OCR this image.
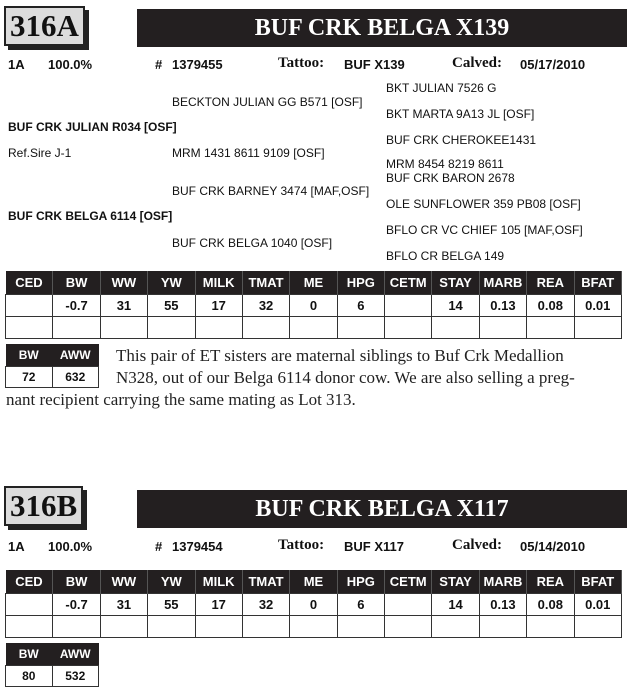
316A	BUF CRK BELGA X139
1A 100.0%	# 1379455	Tattoo: BUF X139	Calved: 05/17/2010
BKT JULIAN 7526 G
BECKTON JULIAN GG B571 [OSF]
BKT MARTA 9A13 JL [OSF]
BUF CRK JULIAN R034 [OSF]
BUF CRK CHEROKEE1431
Ref.Sire J-1	MRM 1431 8611 9109 [OSF]
MRM 8454 8219 8611
BUF CRK BARON 2678
BUF CRK BARNEY 3474 [MAF,OSF]
OLE SUNFLOWER 359 PB08 [OSF]
BUF CRK BELGA 6114 [OSF]
BFLO CR VC CHIEF 105 [MAF,OSF]
BUF CRK BELGA 1040 [OSF]
BFLO CR BELGA 149
CED	BW	WW	YW	MILK	TMAT	ME	HPG	CETM	STAY	MARB	REA	BFAT
	-0.7	31	55	17	32	0	6		14	0.13	0.08	0.01

BW	AWW
72	632
This pair of ET sisters are maternal siblings to Buf Crk Medallion
N328, out of our Belga 6114 donor cow. We are also selling a preg-
nant recipient carrying the same mating as Lot 313.
316B	BUF CRK BELGA X117
1A 100.0%	# 1379454	Tattoo: BUF X117	Calved: 05/14/2010
CED	BW	WW	YW	MILK	TMAT	ME	HPG	CETM	STAY	MARB	REA	BFAT
	-0.7	31	55	17	32	0	6		14	0.13	0.08	0.01

BW	AWW
80	532
